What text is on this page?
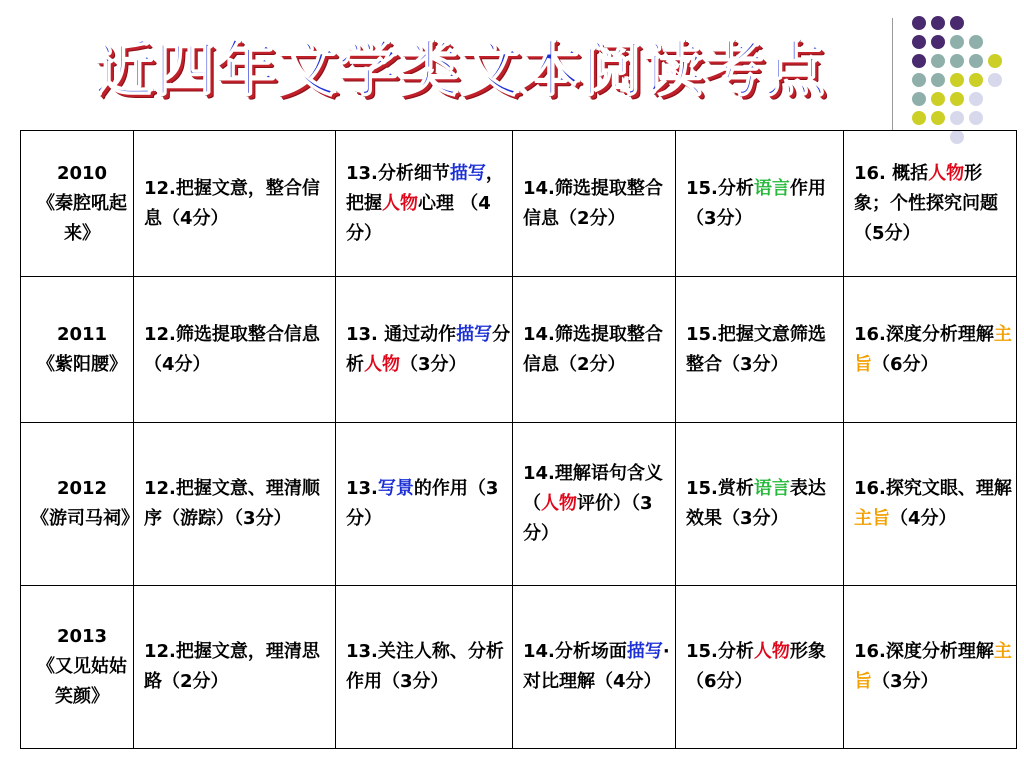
近四年文学类文本阅读考点
2010
《秦腔吼起来》	12.把握文意，整合信息（4分）	13.分析细节描写，把握人物心理 （4分）	14.筛选提取整合信息（2分）	15.分析语言作用（3分）	16. 概括人物形象；个性探究问题（5分）

2011
《紫阳腰》	12.筛选提取整合信息（4分）	13. 通过动作描写分析人物（3分）	14.筛选提取整合信息（2分）	15.把握文意筛选整合（3分）	16.深度分析理解主旨（6分）

2012
《游司马祠》	12.把握文意、理清顺序（游踪）（3分）	13.写景的作用（3分）	14.理解语句含义（人物评价）（3分）	15.赏析语言表达效果（3分）	16.探究文眼、理解主旨（4分）

2013
《又见姑姑笑颜》	12.把握文意，理清思路（2分）	13.关注人称、分析作用（3分）	14.分析场面描写·对比理解（4分）	15.分析人物形象（6分）	16.深度分析理解主旨（3分）
